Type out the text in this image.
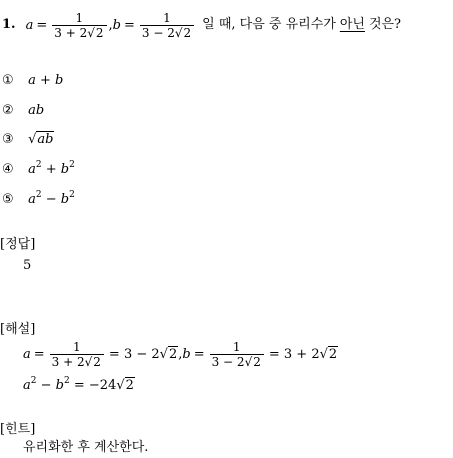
1. $a = \frac{1}{3 + 2√2}$ , $b = \frac{1}{3 - 2√2}$ 일 때, 다음 중 유리수가 아닌 것은?
① a + b
② ab
③ √ab
④ $a^2 + b^2$
⑤ $a^2 - b^2$
[정답]
5
[해설]
$a = \frac{1}{3 + 2√2} = 3 - 2$ √2 , $b = \frac{1}{3 - 2√2} = 3 + 2$ √2
$a^2 - b^2 = -24√2$
[힌트]
유리화한 후 계산한다.
